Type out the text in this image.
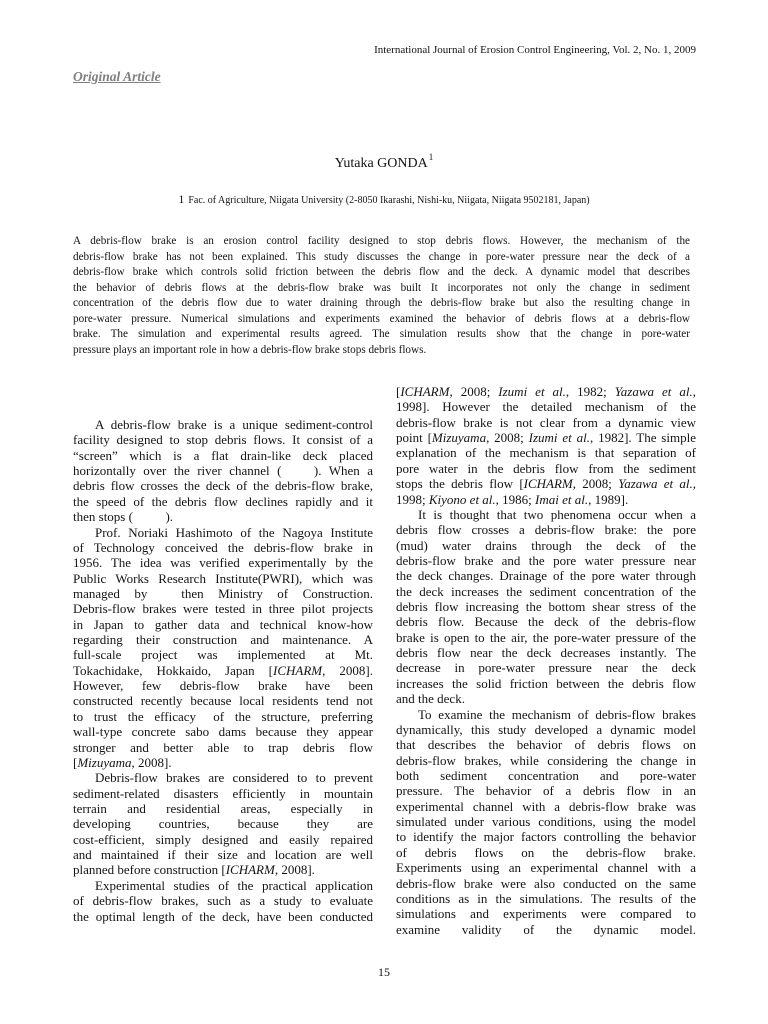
International Journal of Erosion Control Engineering, Vol. 2, No. 1, 2009
Original Article
Yutaka GONDA$^1$
1 Fac. of Agriculture, Niigata University (2-8050 Ikarashi, Nishi-ku, Niigata, Niigata 9502181, Japan)
A debris-flow brake is an erosion control facility designed to stop debris flows. However, the mechanism of the
debris-flow brake has not been explained. This study discusses the change in pore-water pressure near the deck of a
debris-flow brake which controls solid friction between the debris flow and the deck. A dynamic model that describes
the behavior of debris flows at the debris-flow brake was built It incorporates not only the change in sediment
concentration of the debris flow due to water draining through the debris-flow brake but also the resulting change in
pore-water pressure. Numerical simulations and experiments examined the behavior of debris flows at a debris-flow
brake. The simulation and experimental results agreed. The simulation results show that the change in pore-water
pressure plays an important role in how a debris-flow brake stops debris flows.
A debris-flow brake is a unique sediment-control
facility designed to stop debris flows. It consist of a
“screen” which is a flat drain-like deck placed
horizontally over the river channel (     ). When a
debris flow crosses the deck of the debris-flow brake,
the speed of the debris flow declines rapidly and it
then stops (     ).
Prof. Noriaki Hashimoto of the Nagoya Institute
of Technology conceived the debris-flow brake in
1956. The idea was verified experimentally by the
Public Works Research Institute(PWRI), which was
managed by    then Ministry of Construction.
Debris-flow brakes were tested in three pilot projects
in Japan to gather data and technical know-how
regarding their construction and maintenance. A
full-scale project was implemented at Mt.
Tokachidake, Hokkaido, Japan [ICHARM, 2008].
However, few debris-flow brake have been
constructed recently because local residents tend not
to trust the efficacy  of the structure, preferring
wall-type concrete sabo dams because they appear
stronger and better able to trap debris flow
[Mizuyama, 2008].
Debris-flow brakes are considered to to prevent
sediment-related disasters efficiently in mountain
terrain and residential areas, especially in
developing countries, because they are
cost-efficient, simply designed and easily repaired
and maintained if their size and location are well
planned before construction [ICHARM, 2008].
Experimental studies of the practical application
of debris-flow brakes, such as a study to evaluate
the optimal length of the deck, have been conducted
[ICHARM, 2008; Izumi et al., 1982; Yazawa et al.,
1998]. However the detailed mechanism of the
debris-flow brake is not clear from a dynamic view
point [Mizuyama, 2008; Izumi et al., 1982]. The simple
explanation of the mechanism is that separation of
pore water in the debris flow from the sediment
stops the debris flow [ICHARM, 2008; Yazawa et al.,
1998; Kiyono et al., 1986; Imai et al., 1989].
It is thought that two phenomena occur when a
debris flow crosses a debris-flow brake: the pore
(mud) water drains through the deck of the
debris-flow brake and the pore water pressure near
the deck changes. Drainage of the pore water through
the deck increases the sediment concentration of the
debris flow increasing the bottom shear stress of the
debris flow. Because the deck of the debris-flow
brake is open to the air, the pore-water pressure of the
debris flow near the deck decreases instantly. The
decrease in pore-water pressure near the deck
increases the solid friction between the debris flow
and the deck.
To examine the mechanism of debris-flow brakes
dynamically, this study developed a dynamic model
that describes the behavior of debris flows on
debris-flow brakes, while considering the change in
both sediment concentration and pore-water
pressure. The behavior of a debris flow in an
experimental channel with a debris-flow brake was
simulated under various conditions, using the model
to identify the major factors controlling the behavior
of debris flows on the debris-flow brake.
Experiments using an experimental channel with a
debris-flow brake were also conducted on the same
conditions as in the simulations. The results of the
simulations and experiments were compared to
examine validity of the dynamic model.
15
